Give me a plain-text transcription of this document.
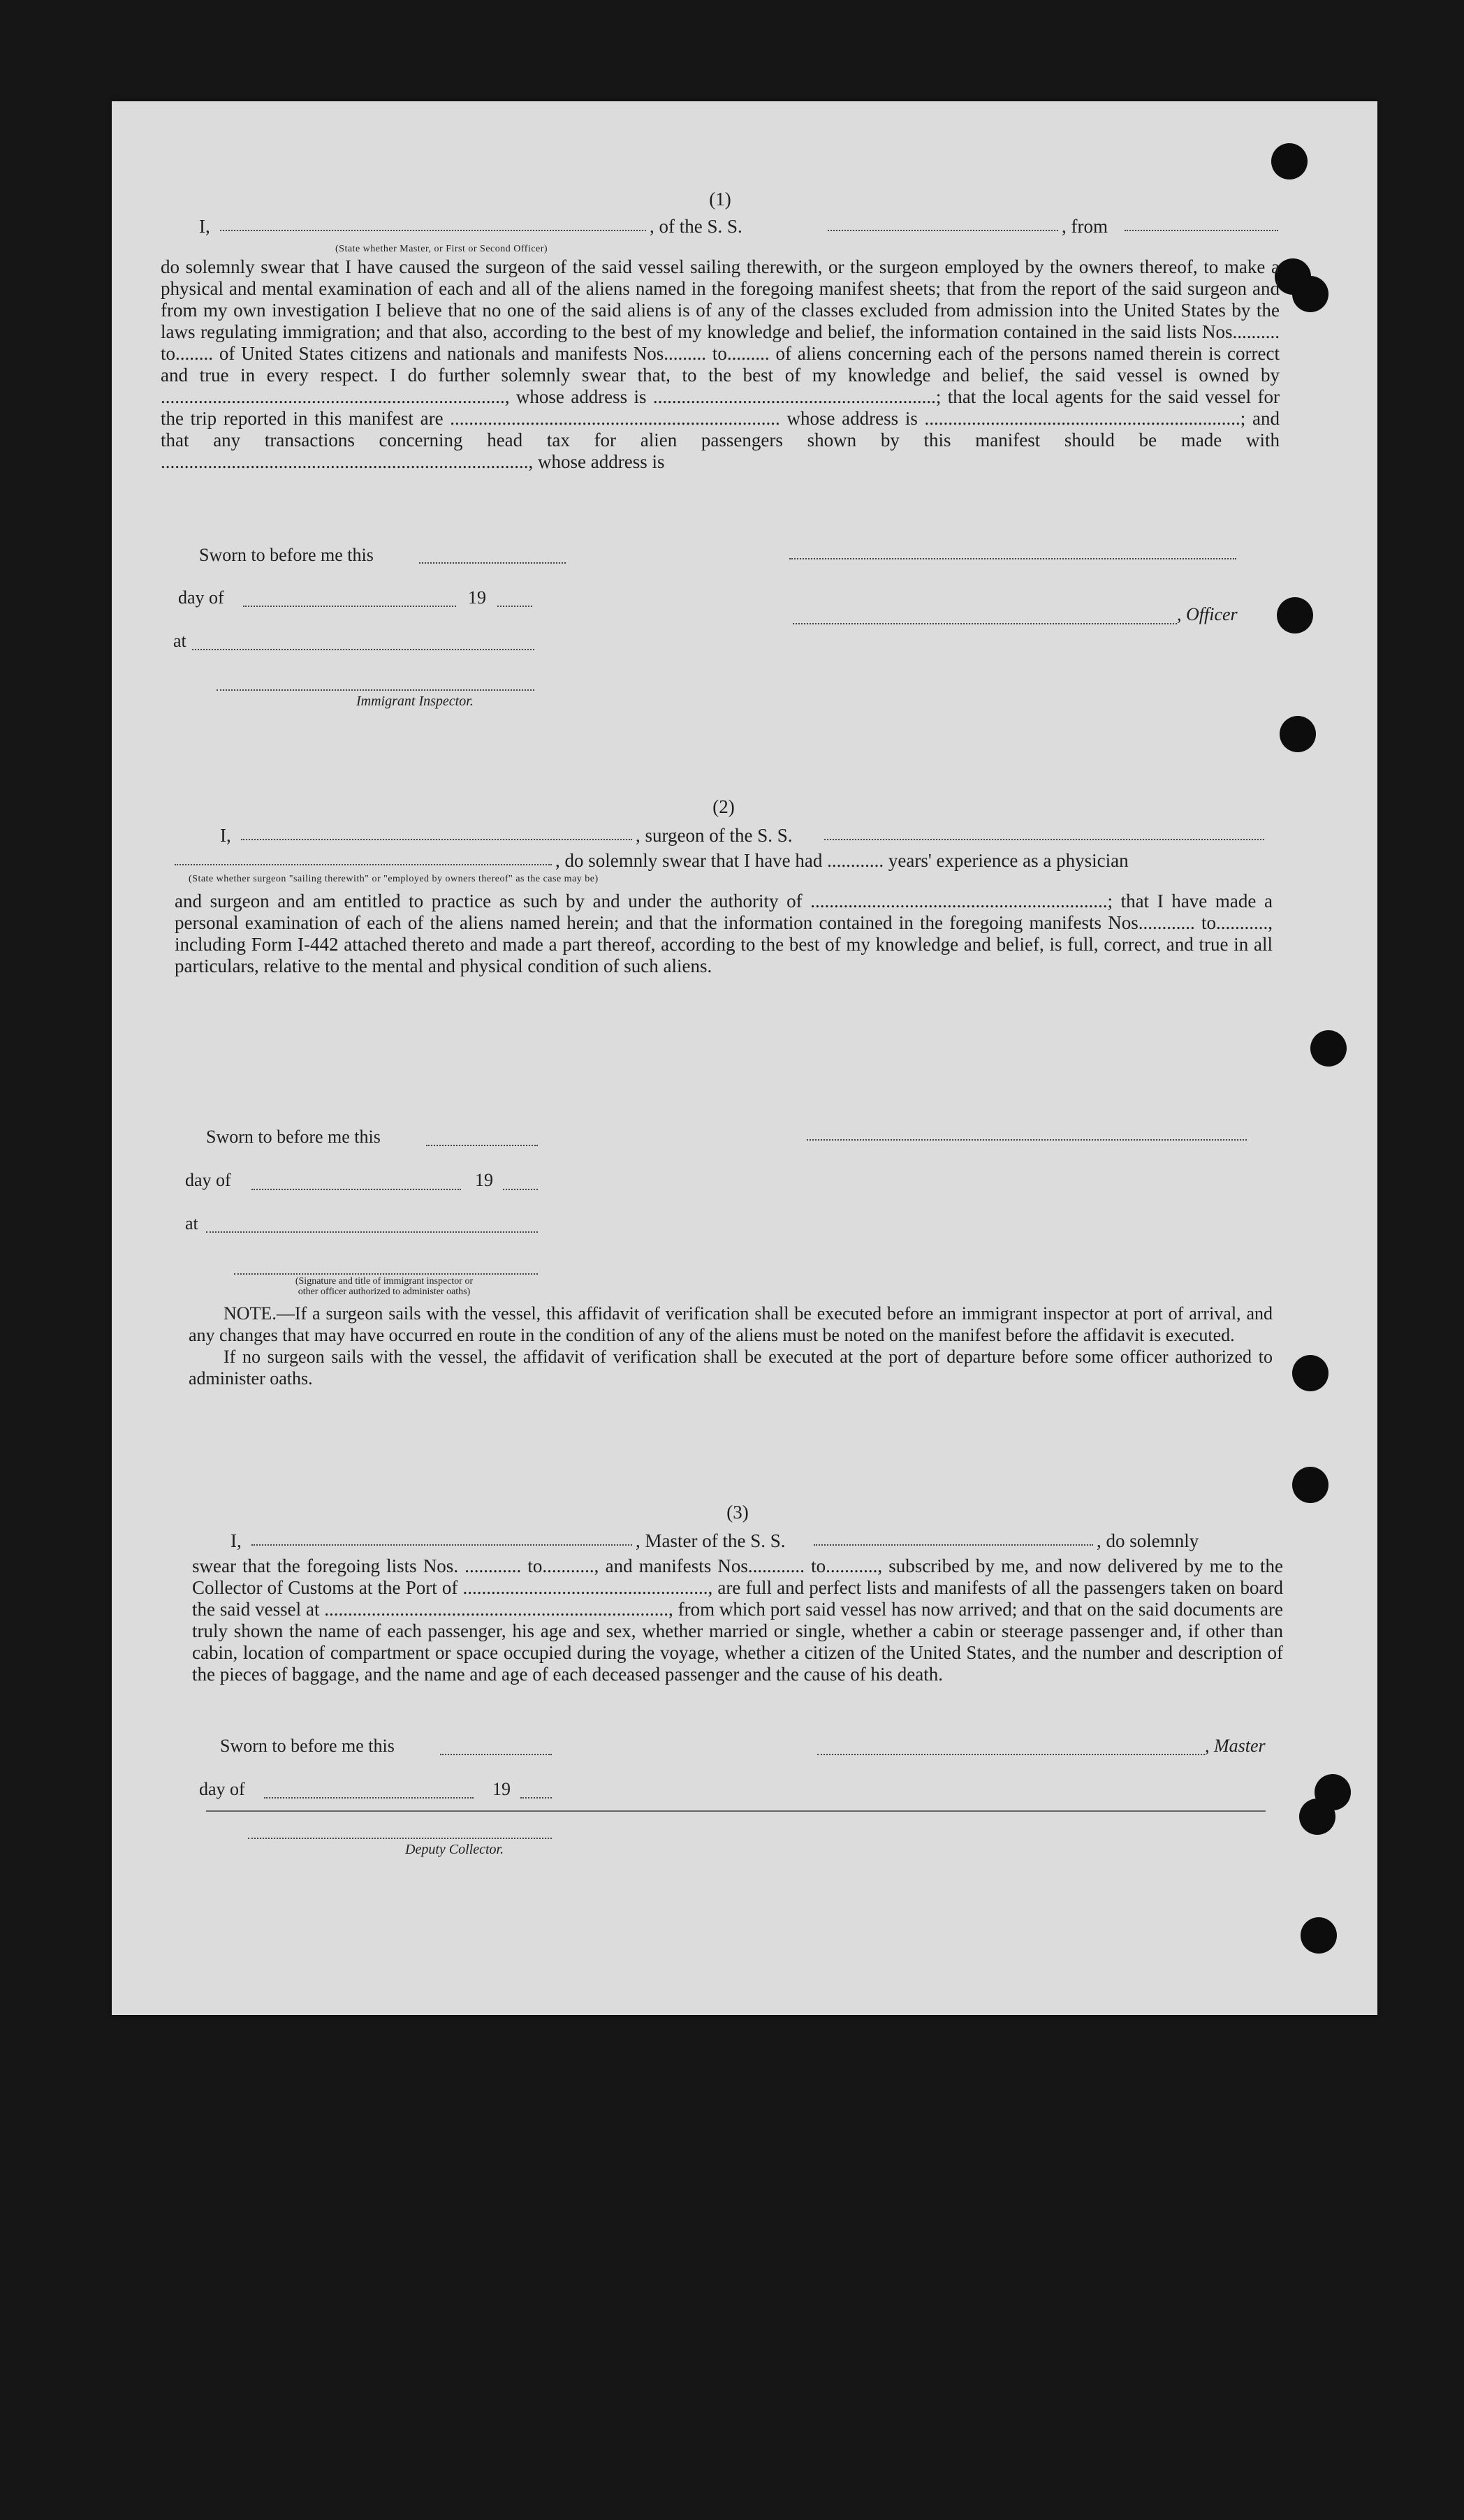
(1)
I,	, of the S. S.	, from
(State whether Master, or First or Second Officer)
do solemnly swear that I have caused the surgeon of the said vessel sailing therewith, or the surgeon employed by the owners thereof, to make a physical and mental examination of each and all of the aliens named in the foregoing manifest sheets; that from the report of the said surgeon and from my own investigation I believe that no one of the said aliens is of any of the classes excluded from admission into the United States by the laws regulating immigration; and that also, according to the best of my knowledge and belief, the information contained in the said lists Nos.......... to........ of United States citizens and nationals and manifests Nos......... to......... of aliens concerning each of the persons named therein is correct and true in every respect. I do further solemnly swear that, to the best of my knowledge and belief, the said vessel is owned by ........................................................................., whose address is ............................................................; that the local agents for the said vessel for the trip reported in this manifest are ...................................................................... whose address is ...................................................................; and that any transactions concerning head tax for alien passengers shown by this manifest should be made with .............................................................................., whose address is
Sworn to before me this
day of	19
, Officer
at
Immigrant Inspector.
(2)
I,	, surgeon of the S. S.
, do solemnly swear that I have had ............ years' experience as a physician
(State whether surgeon "sailing therewith" or "employed by owners thereof" as the case may be)
and surgeon and am entitled to practice as such by and under the authority of ...............................................................; that I have made a personal examination of each of the aliens named herein; and that the information contained in the foregoing manifests Nos............ to..........., including Form I-442 attached thereto and made a part thereof, according to the best of my knowledge and belief, is full, correct, and true in all particulars, relative to the mental and physical condition of such aliens.
Sworn to before me this
day of	19
at
(Signature and title of immigrant inspector or
other officer authorized to administer oaths)
NOTE.—If a surgeon sails with the vessel, this affidavit of verification shall be executed before an immigrant inspector at port of arrival, and any changes that may have occurred en route in the condition of any of the aliens must be noted on the manifest before the affidavit is executed.
If no surgeon sails with the vessel, the affidavit of verification shall be executed at the port of departure before some officer authorized to administer oaths.
(3)
I,	, Master of the S. S.	, do solemnly
swear that the foregoing lists Nos. ............ to..........., and manifests Nos............ to..........., subscribed by me, and now delivered by me to the Collector of Customs at the Port of ...................................................., are full and perfect lists and manifests of all the passengers taken on board the said vessel at ........................................................................., from which port said vessel has now arrived; and that on the said documents are truly shown the name of each passenger, his age and sex, whether married or single, whether a cabin or steerage passenger and, if other than cabin, location of compartment or space occupied during the voyage, whether a citizen of the United States, and the number and description of the pieces of baggage, and the name and age of each deceased passenger and the cause of his death.
Sworn to before me this	, Master
day of	19
Deputy Collector.
